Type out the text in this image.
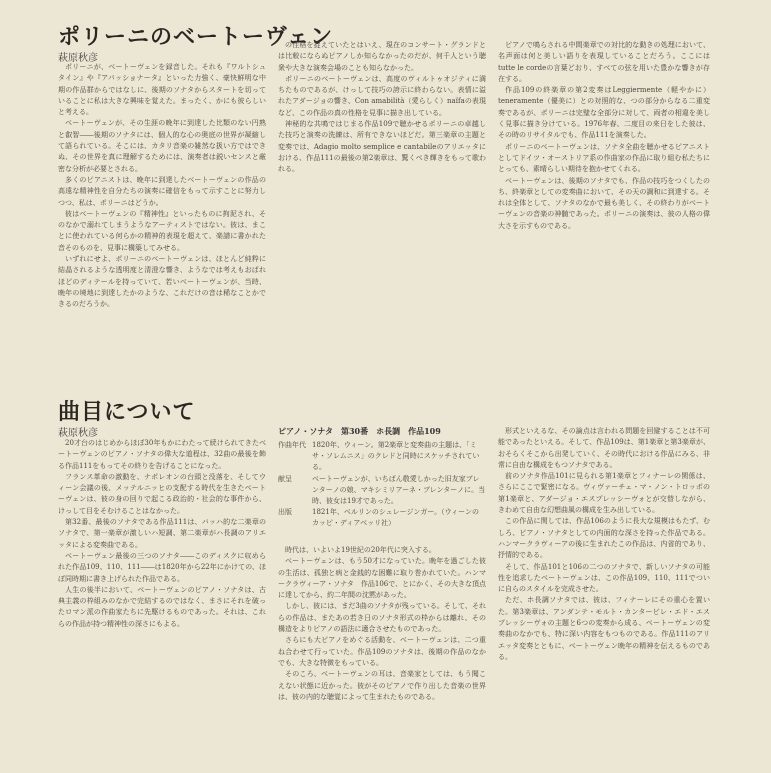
ポリーニのベートーヴェン
萩原秋彦

ポリーニが、ベートーヴェンを録音した。それも『ワルトシュタイン』や『アパッショナータ』といった力強く、豪快鮮明な中期の作品群からではなしに、後期のソナタからスタートを切っていることに私は大きな興味を覚えた。まったく、かにも彼らしいと考える。

ベートーヴェンが、その生涯の晩年に到達した比類のない円熟と叡智――後期のソナタには、個人的な心の奥底の世界が凝縮して語られている。そこには、カタリ音楽の雑然な扱い方ではできぬ、その世界を真に理解するためには、演奏者は鋭いセンスと厳密な分析が必要とされる。

多くのピアニストは、晩年に到達したベートーヴェンの作品の高遠な精神性を自分たちの演奏に確信をもって示すことに努力しつつ、私は、ポリーニはどうか。

彼はベートーヴェンの『精神性』といったものに拘泥され、そのなかで溺れてしまうようなアーティストではない。彼は、まことに使われている何らかの精神的表現を超えて、楽譜に書かれた音そのものを、見事に構築してみせる。

いずれにせよ、ポリーニのベートーヴェンは、ほとんど純粋に結晶されるような透明度と清澄な響き、ようなでは考えもおばれほどのディテールを持っていて、若いベートーヴェンが、当時、晩年の境地に到達したかのような、これだけの音は稀なことかできるのだろうか。

の性格を捉えていたとはいえ、現在のコンサート・グランドとは比較にならぬピアノしか知らなかったのだが、何千人という聴衆や大きな演奏会場のことも知らなかった。

ポリーニのベートーヴェンは、高度のヴィルトゥオジティに満ちたものであるが、けっして技巧の誇示に終わらない。表情に溢れたアダージョの響き、Con amabilità（愛らしく）naïfaの表現など、この作品の真の性格を見事に描き出している。

神秘的な共鳴ではじまる作品109で聴かせるポリーニの卓越した技巧と演奏の洗練は、所有できないほどだ。第三楽章の主題と変奏では、Adagio molto semplice e cantabileのアリエッタにおける、作品111の最後の第2楽章は、驚くべき輝きをもって歌われる。

ピアノで鳴らされる中間楽章での対比的な動きの処理において、名声面は何と美しい語りを表現していることだろう。ここにはtutte le cordeの言葉どおり、すべての弦を用いた豊かな響きが存在する。

作品109の終楽章の第2変奏はLeggiermente（軽やかに）teneramente（優美に）との対照的な、つの部分からなる二重変奏であるが、ポリーニは完璧な全部分に対して、両者の相違を美しく見事に描き分けている。1976年春、二度目の来日をした彼は、その時のリサイタルでも、作品111を演奏した。

ポリーニのベートーヴェンは、ソナタ全曲を聴かせるピアニストとしてドイツ・オーストリア系の作曲家の作品に取り組む私たちにとっても、素晴らしい期待を抱かせてくれる。

ベートーヴェンは、後期のソナタでも、作品の技巧をつくしたのち、終楽章としての変奏曲において、その天の調和に到達する。それは全体として、ソナタのなかで最も美しく、その終わりがベートーヴェンの音楽の神髄であった。ポリーニの演奏は、彼の人格の偉大さを示すものである。

曲目について
萩原秋彦

20才台のはじめからほぼ30年もかにわたって続けられてきたベートーヴェンのピアノ・ソナタの偉大な道程は、32曲の最後を飾る作品111をもってその終りを告げることになった。

フランス革命の激動を、ナポレオンの台頭と没落を、そしてウィーン会議の後、メッテルニッヒの支配する時代を生きたベートーヴェンは、彼の身の回りで起こる政治的・社会的な事件から、けっして目をそむけることはなかった。

第32番、最後のソナタである作品111は、バッハ的な二楽章のソナタで、第一楽章が激しいハ短調、第二楽章がハ長調のアリエッタによる変奏曲である。

ベートーヴェン最後の三つのソナタ――このディスクに収められた作品109、110、111――は1820年から22年にかけての、ほぼ同時期に書き上げられた作品である。

人生の後半において、ベートーヴェンのピアノ・ソナタは、古典主義の枠組みのなかで完結するのではなく、まさにそれを破ったロマン派の作曲家たちに先駆けるものであった。それは、これらの作品が持つ精神性の深さにもよる。

ピアノ・ソナタ　第30番　ホ長調　作品109
作曲年代 1820年、ウィーン。第2楽章と変奏曲の主題は、「ミサ・ソレムニス」のクレドと同時にスケッチされている。
献呈	ベートーヴェンが、いちばん敬愛しかった旧友家ブレンターノの娘、マキシミリアーネ・ブレンターノに。当時、彼女は19才であった。
出版	1821年、ベルリンのシュレージンガー。（ウィーンのカッピ・ディアベッリ社）

時代は、いよいよ19世紀の20年代に突入する。

ベートーヴェンは、もう50才になっていた。晩年を過ごした彼の生活は、孤独と病と金銭的な困難に取り巻かれていた。ハンマークラヴィーア・ソナタ　作品106で、とにかく、その大きな頂点に達してから、約二年間の沈黙があった。

しかし、彼には、まだ3曲のソナタが残っている。そして、それらの作品は、またあの若き日のソナタ形式の枠からは離れ、その構造をよりピアノの語法に適合させたものであった。

さらにも大ピアノをめぐる活動を、ベートーヴェンは、二つ重ね合わせて行っていた。作品109のソナタは、後期の作品のなかでも、大きな特徴をもっている。

そのころ、ベートーヴェンの耳は、音楽家としては、もう聞こえない状態に近かった。彼がそのピアノで作り出した音楽の世界は、彼の内的な聴覚によって生まれたものである。

形式といえるな、その論点は言われる問題を回避することは不可能であったといえる。そして、作品109は、第1楽章と第3楽章が、おそらくそこから出発していく、その時代における作品にみる、非常に自由な構成をもつソナタである。

前のソナタ作品101に見られる第1楽章とフィナーレの関係は、さらにここで緊密になる。ヴィヴァーチェ・マ・ノン・トロッポの第1楽章と、アダージョ・エスプレッシーヴォとが交替しながら、きわめて自由な幻想曲風の構成を生み出している。

この作品に関しては、作品106のように長大な規模はもたず、むしろ、ピアノ・ソナタとしての内面的な深さを持った作品である。ハンマークラヴィーアの後に生まれたこの作品は、内省的であり、抒情的である。

そして、作品101と106の二つのソナタで、新しいソナタの可能性を追求したベートーヴェンは、この作品109、110、111でついに自らのスタイルを完成させた。

ただ、ホ長調ソナタでは、彼は、フィナーレにその重心を置いた。第3楽章は、アンダンテ・モルト・カンタービレ・エド・エスプレッシーヴォの主題と6つの変奏から成る、ベートーヴェンの変奏曲のなかでも、特に深い内容をもつものである。作品111のアリエッタ変奏とともに、ベートーヴェン晩年の精神を伝えるものである。
